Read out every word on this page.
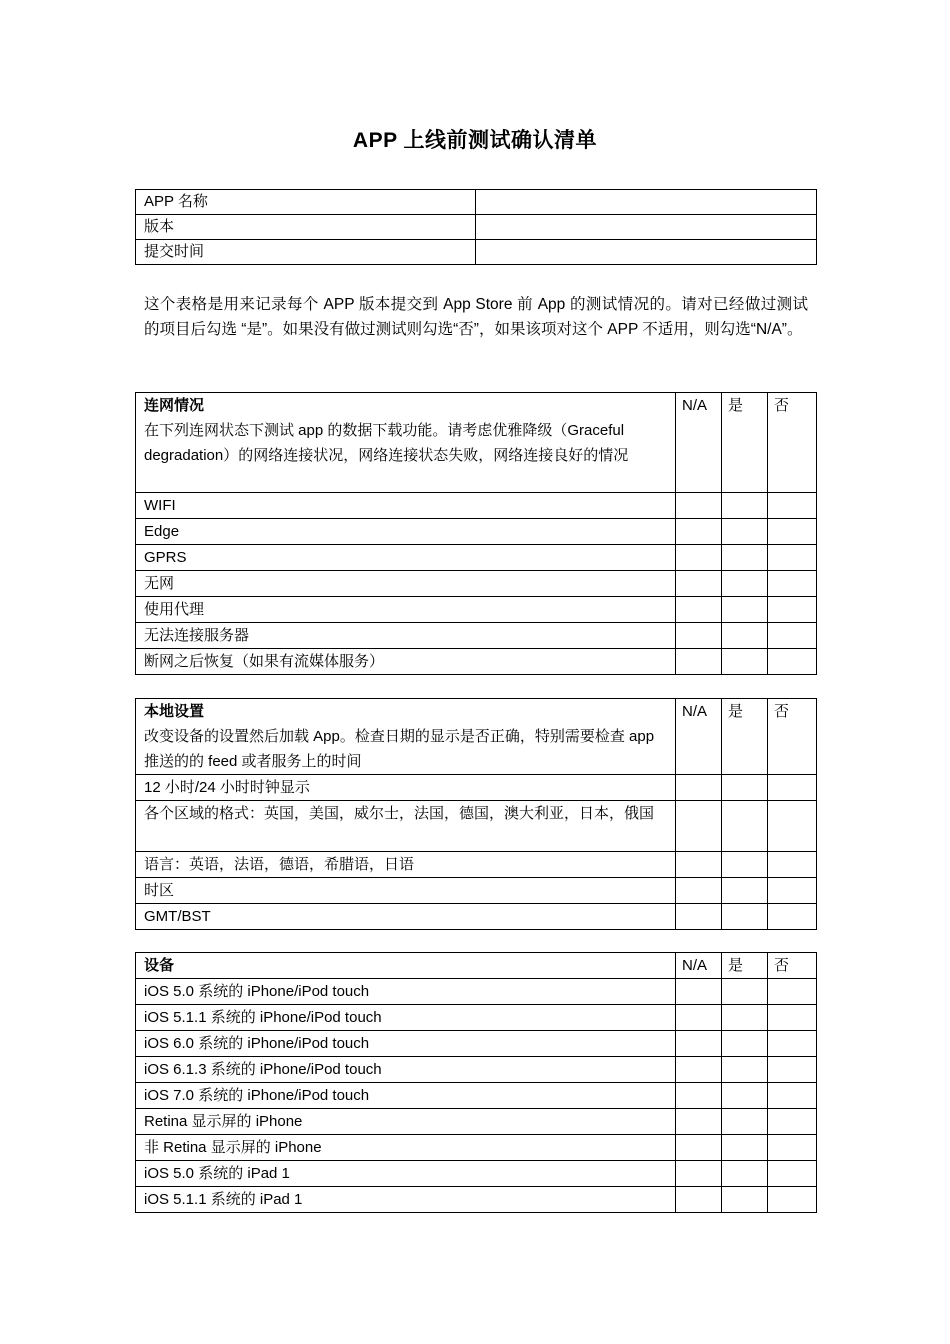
APP 上线前测试确认清单
APP 名称	
版本	
提交时间	
这个表格是用来记录每个 APP 版本提交到 App Store 前 App 的测试情况的。请对已经做过测试的项目后勾选 “是”。如果没有做过测试则勾选“否”，如果该项对这个 APP 不适用，则勾选“N/A”。
连网情况
在下列连网状态下测试 app 的数据下载功能。请考虑优雅降级（Graceful degradation）的网络连接状况，网络连接状态失败，网络连接良好的情况	N/A	是	否
WIFI			
Edge			
GPRS			
无网			
使用代理			
无法连接服务器			
断网之后恢复（如果有流媒体服务）			
本地设置
改变设备的设置然后加载 App。检查日期的显示是否正确，特别需要检查 app 推送的的 feed 或者服务上的时间	N/A	是	否
12 小时/24 小时时钟显示			
各个区域的格式：英国，美国，威尔士，法国，德国，澳大利亚，日本，俄国			
语言：英语，法语，德语，希腊语，日语			
时区			
GMT/BST			
设备	N/A	是	否
iOS 5.0 系统的 iPhone/iPod touch			
iOS 5.1.1 系统的 iPhone/iPod touch			
iOS 6.0 系统的 iPhone/iPod touch			
iOS 6.1.3 系统的 iPhone/iPod touch			
iOS 7.0 系统的 iPhone/iPod touch			
Retina 显示屏的 iPhone			
非 Retina 显示屏的 iPhone			
iOS 5.0 系统的 iPad 1			
iOS 5.1.1 系统的 iPad 1			
